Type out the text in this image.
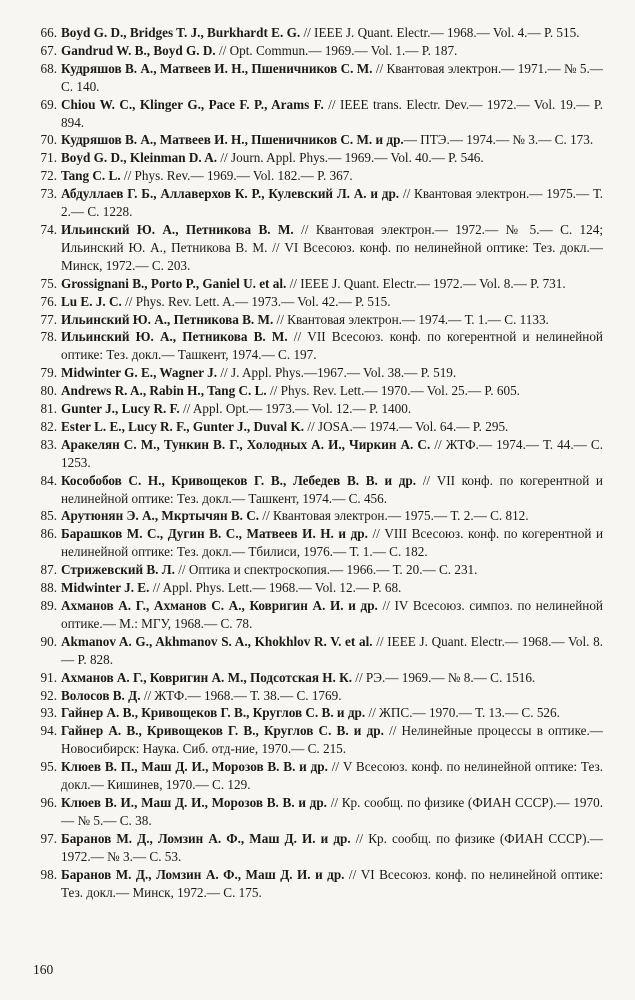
66. Boyd G. D., Bridges T. J., Burkhardt E. G. // IEEE J. Quant. Electr.— 1968.— Vol. 4.— P. 515.
67. Gandrud W. B., Boyd G. D. // Opt. Commun.— 1969.— Vol. 1.— P. 187.
68. Кудряшов В. А., Матвеев И. Н., Пшеничников С. М. // Квантовая электрон.— 1971.— № 5.— С. 140.
69. Chiou W. C., Klinger G., Pace F. P., Arams F. // IEEE trans. Electr. Dev.— 1972.— Vol. 19.— P. 894.
70. Кудряшов В. А., Матвеев И. Н., Пшеничников С. М. и др.— ПТЭ.— 1974.— № 3.— С. 173.
71. Boyd G. D., Kleinman D. A. // Journ. Appl. Phys.— 1969.— Vol. 40.— P. 546.
72. Tang C. L. // Phys. Rev.— 1969.— Vol. 182.— P. 367.
73. Абдуллаев Г. Б., Аллаверхов К. Р., Кулевский Л. А. и др. // Квантовая электрон.— 1975.— Т. 2.— С. 1228.
74. Ильинский Ю. А., Петникова В. М. // Квантовая электрон.— 1972.— № 5.— С. 124; Ильинский Ю. А., Петникова В. М. // VI Всесоюз. конф. по нелинейной оптике: Тез. докл.— Минск, 1972.— С. 203.
75. Grossignani B., Porto P., Ganiel U. et al. // IEEE J. Quant. Electr.— 1972.— Vol. 8.— P. 731.
76. Lu E. J. C. // Phys. Rev. Lett. A.— 1973.— Vol. 42.— P. 515.
77. Ильинский Ю. А., Петникова В. М. // Квантовая электрон.— 1974.— Т. 1.— С. 1133.
78. Ильинский Ю. А., Петникова В. М. // VII Всесоюз. конф. по когерентной и нелинейной оптике: Тез. докл.— Ташкент, 1974.— С. 197.
79. Midwinter G. E., Wagner J. // J. Appl. Phys.—1967.— Vol. 38.— P. 519.
80. Andrews R. A., Rabin H., Tang C. L. // Phys. Rev. Lett.— 1970.— Vol. 25.— P. 605.
81. Gunter J., Lucy R. F. // Appl. Opt.— 1973.— Vol. 12.— P. 1400.
82. Ester L. E., Lucy R. F., Gunter J., Duval K. // JOSA.— 1974.— Vol. 64.— P. 295.
83. Аракелян С. М., Тункин В. Г., Холодных А. И., Чиркин А. С. // ЖТФ.— 1974.— Т. 44.— С. 1253.
84. Кособобов С. Н., Кривощеков Г. В., Лебедев В. В. и др. // VII конф. по когерентной и нелинейной оптике: Тез. докл.— Ташкент, 1974.— С. 456.
85. Арутюнян Э. А., Мкртычян В. С. // Квантовая электрон.— 1975.— Т. 2.— С. 812.
86. Барашков М. С., Дугин В. С., Матвеев И. Н. и др. // VIII Всесоюз. конф. по когерентной и нелинейной оптике: Тез. докл.— Тбилиси, 1976.— Т. 1.— С. 182.
87. Стрижевский В. Л. // Оптика и спектроскопия.— 1966.— Т. 20.— С. 231.
88. Midwinter J. E. // Appl. Phys. Lett.— 1968.— Vol. 12.— P. 68.
89. Ахманов А. Г., Ахманов С. А., Ковригин А. И. и др. // IV Всесоюз. симпоз. по нелинейной оптике.— М.: МГУ, 1968.— С. 78.
90. Akmanov A. G., Akhmanov S. A., Khokhlov R. V. et al. // IEEE J. Quant. Electr.— 1968.— Vol. 8.— P. 828.
91. Ахманов А. Г., Ковригин А. М., Подсотская Н. К. // РЭ.— 1969.— № 8.— С. 1516.
92. Волосов В. Д. // ЖТФ.— 1968.— Т. 38.— С. 1769.
93. Гайнер А. В., Кривощеков Г. В., Круглов С. В. и др. // ЖПС.— 1970.— Т. 13.— С. 526.
94. Гайнер А. В., Кривощеков Г. В., Круглов С. В. и др. // Нелинейные процессы в оптике.— Новосибирск: Наука. Сиб. отд-ние, 1970.— С. 215.
95. Клюев В. П., Маш Д. И., Морозов В. В. и др. // V Всесоюз. конф. по нелинейной оптике: Тез. докл.— Кишинев, 1970.— С. 129.
96. Клюев В. И., Маш Д. И., Морозов В. В. и др. // Кр. сообщ. по физике (ФИАН СССР).— 1970.— № 5.— С. 38.
97. Баранов М. Д., Ломзин А. Ф., Маш Д. И. и др. // Кр. сообщ. по физике (ФИАН СССР).— 1972.— № 3.— С. 53.
98. Баранов М. Д., Ломзин А. Ф., Маш Д. И. и др. // VI Всесоюз. конф. по нелинейной оптике: Тез. докл.— Минск, 1972.— С. 175.
160
